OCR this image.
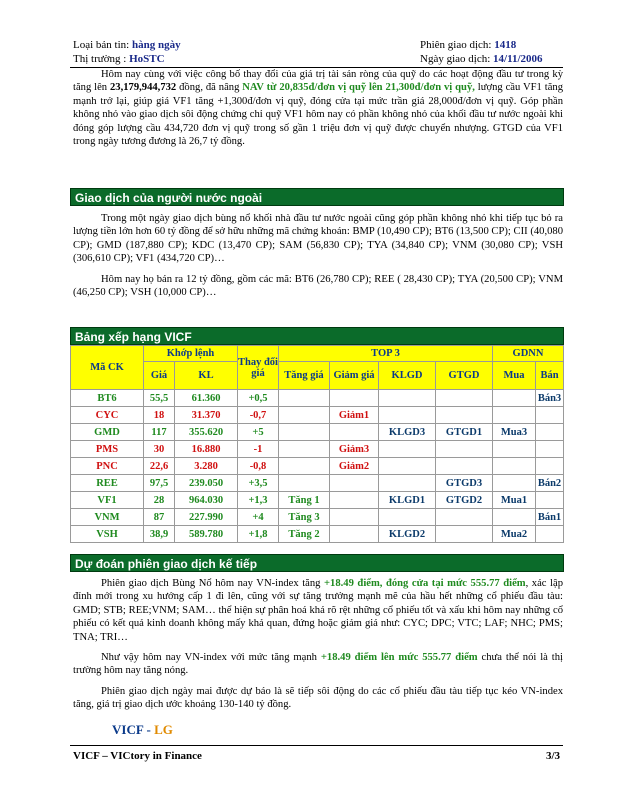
Loại bản tin: hàng ngày	Phiên giao dịch: 1418
Thị trường : HoSTC	Ngày giao dịch: 14/11/2006

Hôm nay cùng với việc công bố thay đổi của giá trị tài sản ròng của quỹ do các hoạt động đầu tư trong kỳ tăng lên 23,179,944,732 đồng, đã nâng NAV từ 20,835đ/đơn vị quỹ lên 21,300đ/đơn vị quỹ, lượng cầu VF1 tăng mạnh trở lại, giúp giá VF1 tăng +1,300đ/đơn vị quỹ, đóng cửa tại mức trần giá 28,000đ/đơn vị quỹ. Góp phần không nhỏ vào giao dịch sôi động chứng chỉ quỹ VF1 hôm nay có phần không nhỏ của khối đầu tư nước ngoài khi đóng góp lượng cầu 434,720 đơn vị quỹ trong số gần 1 triệu đơn vị quỹ được chuyển nhượng. GTGD của VF1 trong ngày tương đương là 26,7 tỷ đồng.

Giao dịch của người nước ngoài

Trong một ngày giao dịch bùng nổ khối nhà đầu tư nước ngoài cũng góp phần không nhỏ khi tiếp tục bỏ ra lượng tiền lớn hơn 60 tỷ đồng để sở hữu những mã chứng khoán: BMP (10,490 CP); BT6 (13,500 CP); CII (40,080 CP); GMD (187,880 CP); KDC (13,470 CP); SAM (56,830 CP); TYA (34,840 CP); VNM (30,080 CP); VSH (306,610 CP); VF1 (434,720 CP)…

Hôm nay họ bán ra 12 tỷ đồng, gồm các mã: BT6 (26,780 CP); REE ( 28,430 CP); TYA (20,500 CP); VNM (46,250 CP); VSH (10,000 CP)…

Bảng xếp hạng VICF
Mã CK	Khớp lệnh		Thay đổi giá	TOP 3				GDNN	
	Giá	KL		Tăng giá	Giảm giá	KLGD	GTGD	Mua	Bán
BT6	55,5	61.360	+0,5						Bán3
CYC	18	31.370	-0,7		Giảm1				
GMD	117	355.620	+5			KLGD3	GTGD1	Mua3	
PMS	30	16.880	-1		Giảm3				
PNC	22,6	3.280	-0,8		Giảm2				
REE	97,5	239.050	+3,5				GTGD3		Bán2
VF1	28	964.030	+1,3	Tăng 1		KLGD1	GTGD2	Mua1	
VNM	87	227.990	+4	Tăng 3					Bán1
VSH	38,9	589.780	+1,8	Tăng 2		KLGD2		Mua2	
Dự đoán phiên giao dịch kế tiếp

Phiên giao dịch Bùng Nổ hôm nay VN-index tăng +18.49 điểm, đóng cửa tại mức 555.77 điểm, xác lập đỉnh mới trong xu hướng cấp 1 đi lên, cũng với sự tăng trưởng mạnh mẽ của hầu hết những cổ phiếu đầu tàu: GMD; STB; REE;VNM; SAM… thể hiện sự phân hoá khá rõ rệt những cổ phiếu tốt và xấu khi hôm nay những cổ phiếu có kết quả kinh doanh không mấy khả quan, đứng hoặc giảm giá như: CYC; DPC; VTC; LAF; NHC; PMS; TNA; TRI…

Như vậy hôm nay VN-index với mức tăng mạnh +18.49 điểm lên mức 555.77 điểm chưa thể nói là thị trường hôm nay tăng nóng.

Phiên giao dịch ngày mai được dự báo là sẽ tiếp sôi động do các cổ phiếu đầu tàu tiếp tục kéo VN-index tăng, giá trị giao dịch ước khoảng 130-140 tỷ đồng.

VICF - LG
VICF – VICtory in Finance	3/3
